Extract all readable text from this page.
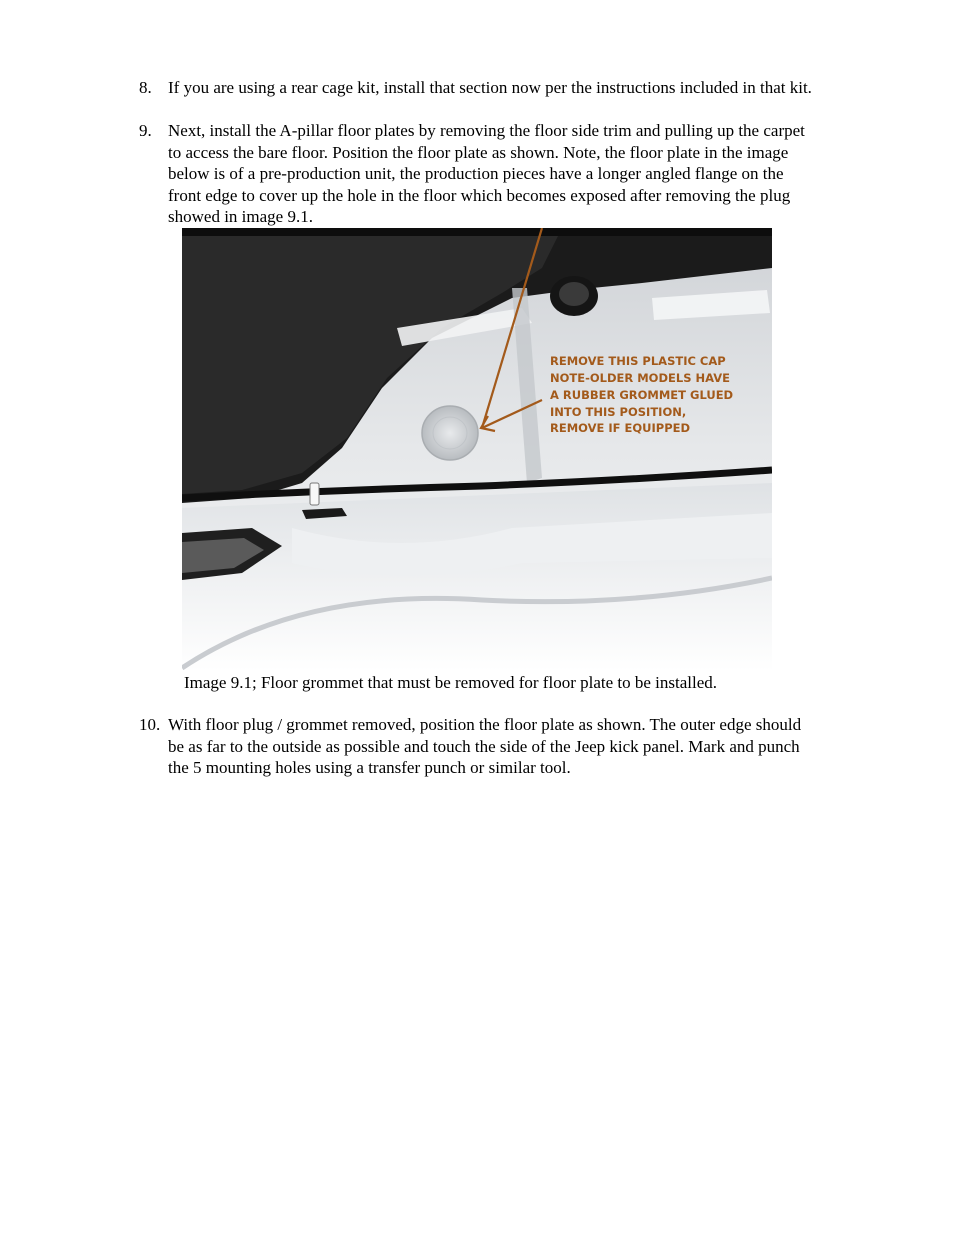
8. If you are using a rear cage kit, install that section now per the instructions included in that kit.
9. Next, install the A-pillar floor plates by removing the floor side trim and pulling up the carpet to access the bare floor. Position the floor plate as shown. Note, the floor plate in the image below is of a pre-production unit, the production pieces have a longer angled flange on the front edge to cover up the hole in the floor which becomes exposed after removing the plug showed in image 9.1.
REMOVE THIS PLASTIC CAP
NOTE-OLDER MODELS HAVE
A RUBBER GROMMET GLUED
INTO THIS POSITION,
REMOVE IF EQUIPPED
Image 9.1; Floor grommet that must be removed for floor plate to be installed.
10. With floor plug / grommet removed, position the floor plate as shown. The outer edge should be as far to the outside as possible and touch the side of the Jeep kick panel. Mark and punch the 5 mounting holes using a transfer punch or similar tool.
